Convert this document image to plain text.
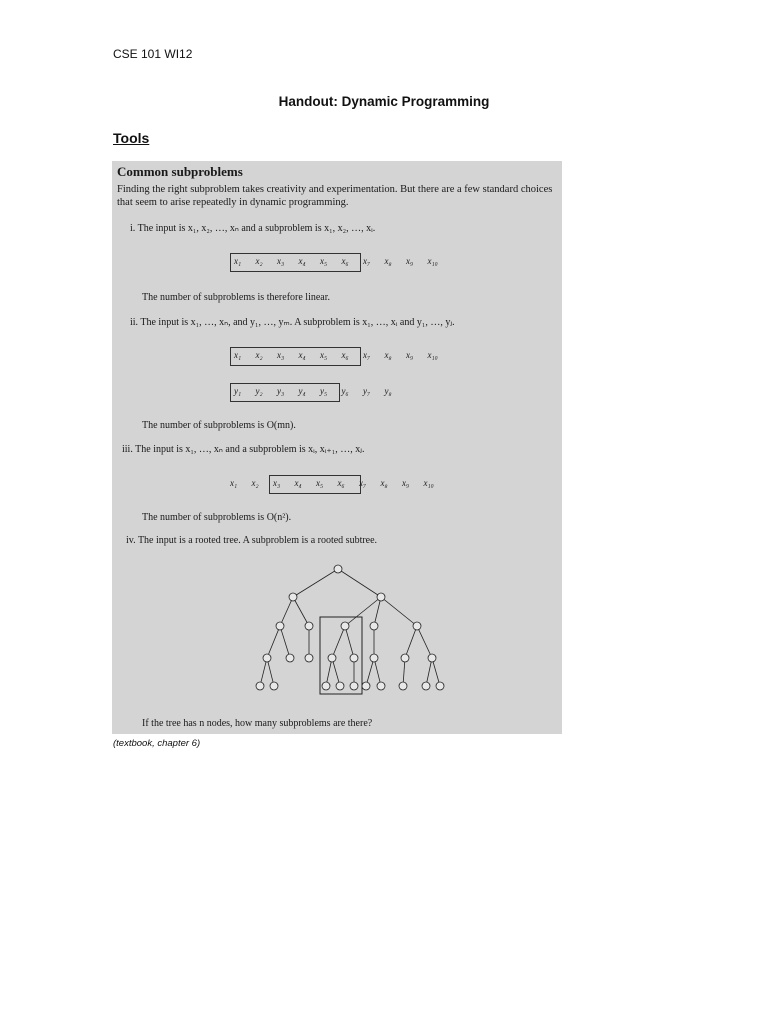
CSE 101 WI12
Handout: Dynamic Programming
Tools
Common subproblems
Finding the right subproblem takes creativity and experimentation. But there are a few standard choices that seem to arise repeatedly in dynamic programming.
i. The input is x₁, x₂, …, xₙ and a subproblem is x₁, x₂, …, xᵢ.
x₁ x₂ x₃ x₄ x₅ x₆ x₇ x₈ x₉ x₁₀
The number of subproblems is therefore linear.
ii. The input is x₁, …, xₙ, and y₁, …, yₘ. A subproblem is x₁, …, xᵢ and y₁, …, yⱼ.
x₁ x₂ x₃ x₄ x₅ x₆ x₇ x₈ x₉ x₁₀
y₁ y₂ y₃ y₄ y₅ y₆ y₇ y₈
The number of subproblems is O(mn).
iii. The input is x₁, …, xₙ and a subproblem is xᵢ, xᵢ₊₁, …, xⱼ.
x₁ x₂ x₃ x₄ x₅ x₆ x₇ x₈ x₉ x₁₀
The number of subproblems is O(n²).
iv. The input is a rooted tree. A subproblem is a rooted subtree.
If the tree has n nodes, how many subproblems are there?
(textbook, chapter 6)
